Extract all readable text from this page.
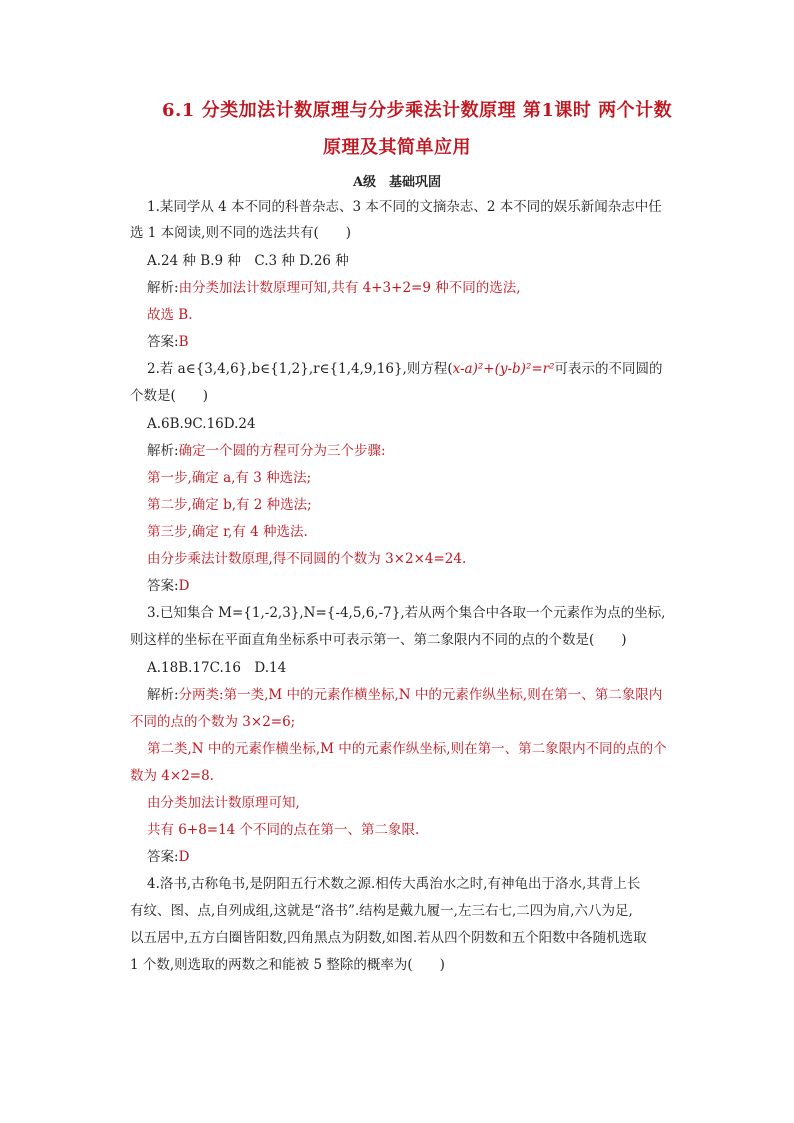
6.1 分类加法计数原理与分步乘法计数原理 第1课时 两个计数
原理及其简单应用
A级　基础巩固
1.某同学从 4 本不同的科普杂志、3 本不同的文摘杂志、2 本不同的娱乐新闻杂志中任
选 1 本阅读,则不同的选法共有(　　)
A.24 种 B.9 种　C.3 种 D.26 种
解析:由分类加法计数原理可知,共有 4+3+2=9 种不同的选法,
故选 B.
答案:B
2.若 a∈{3,4,6},b∈{1,2},r∈{1,4,9,16},则方程(x-a)²+(y-b)²=r²可表示的不同圆的
个数是(　　)
A.6B.9C.16D.24
解析:确定一个圆的方程可分为三个步骤:
第一步,确定 a,有 3 种选法;
第二步,确定 b,有 2 种选法;
第三步,确定 r,有 4 种选法.
由分步乘法计数原理,得不同圆的个数为 3×2×4=24.
答案:D
3.已知集合 M={1,-2,3},N={-4,5,6,-7},若从两个集合中各取一个元素作为点的坐标,
则这样的坐标在平面直角坐标系中可表示第一、第二象限内不同的点的个数是(　　)
A.18B.17C.16　D.14
解析:分两类:第一类,M 中的元素作横坐标,N 中的元素作纵坐标,则在第一、第二象限内
不同的点的个数为 3×2=6;
第二类,N 中的元素作横坐标,M 中的元素作纵坐标,则在第一、第二象限内不同的点的个
数为 4×2=8.
由分类加法计数原理可知,
共有 6+8=14 个不同的点在第一、第二象限.
答案:D
4.洛书,古称龟书,是阴阳五行术数之源.相传大禹治水之时,有神龟出于洛水,其背上长
有纹、图、点,自列成组,这就是“洛书”.结构是戴九履一,左三右七,二四为肩,六八为足,
以五居中,五方白圈皆阳数,四角黑点为阴数,如图.若从四个阴数和五个阳数中各随机选取
1 个数,则选取的两数之和能被 5 整除的概率为(　　)
